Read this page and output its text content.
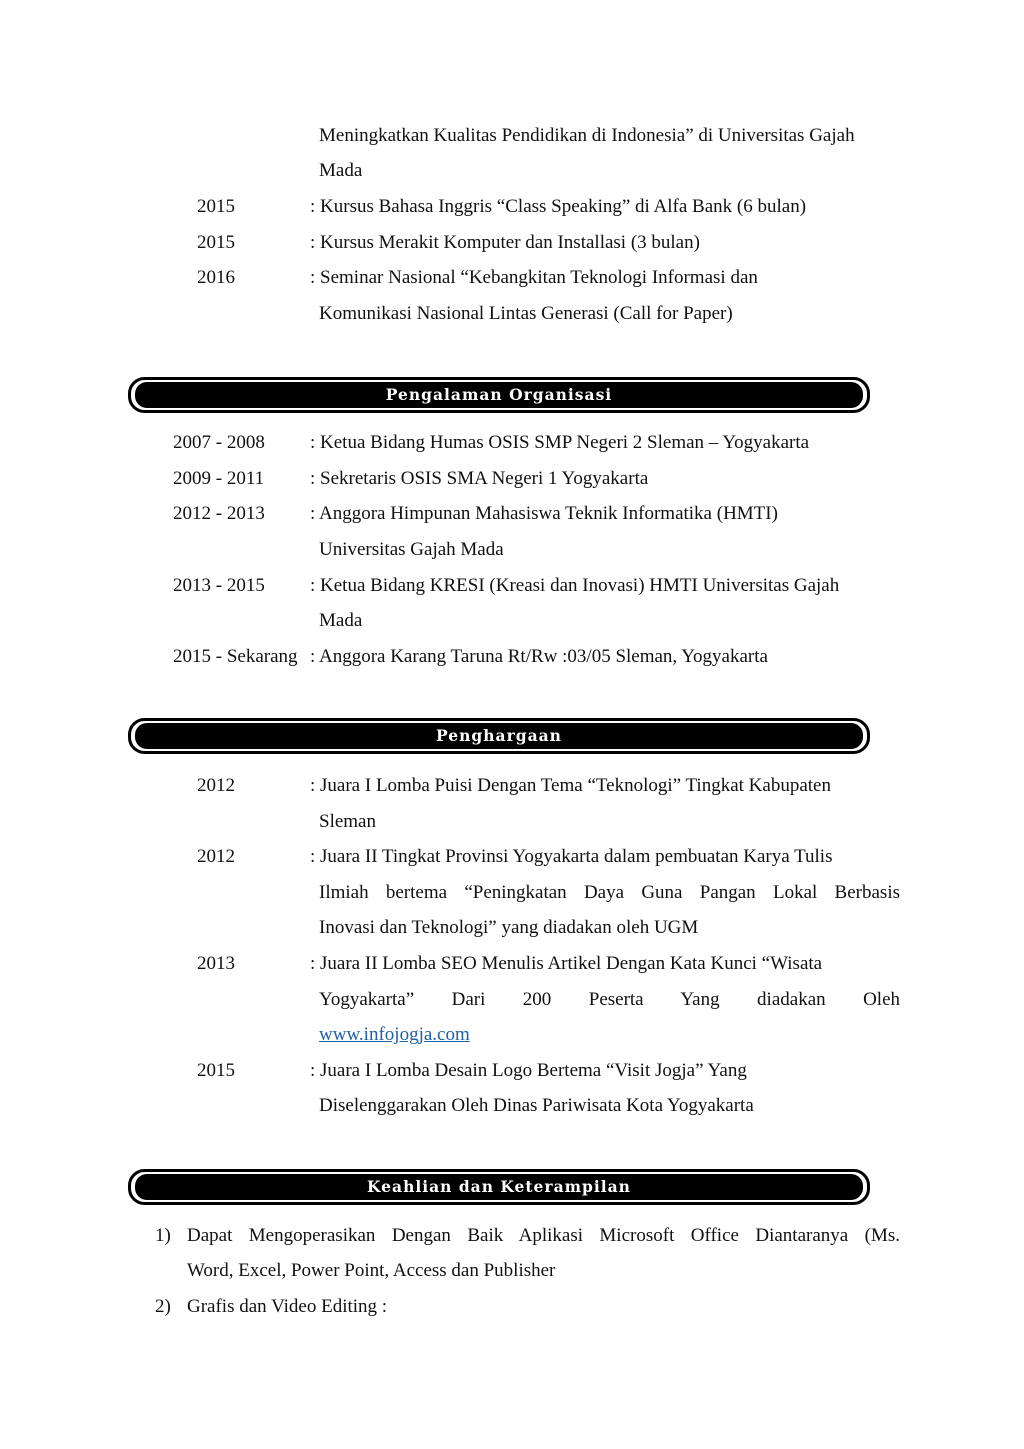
Meningkatkan Kualitas Pendidikan di Indonesia” di Universitas Gajah
Mada
2015	: Kursus Bahasa Inggris “Class Speaking” di Alfa Bank (6 bulan)
2015	: Kursus Merakit Komputer dan Installasi (3 bulan)
2016	: Seminar Nasional “Kebangkitan Teknologi Informasi dan
Komunikasi Nasional Lintas Generasi (Call for Paper)
Pengalaman Organisasi
2007 - 2008 : Ketua Bidang Humas OSIS SMP Negeri 2 Sleman – Yogyakarta
2009 - 2011 : Sekretaris OSIS SMA Negeri 1 Yogyakarta
2012 - 2013 : Anggora Himpunan Mahasiswa Teknik Informatika (HMTI)
Universitas Gajah Mada
2013 - 2015 : Ketua Bidang KRESI (Kreasi dan Inovasi) HMTI Universitas Gajah
Mada
2015 - Sekarang : Anggora Karang Taruna Rt/Rw :03/05 Sleman, Yogyakarta
Penghargaan
2012	: Juara I Lomba Puisi Dengan Tema “Teknologi” Tingkat Kabupaten
Sleman
2012	: Juara II Tingkat Provinsi Yogyakarta dalam pembuatan Karya Tulis
Ilmiah bertema “Peningkatan Daya Guna Pangan Lokal Berbasis
Inovasi dan Teknologi” yang diadakan oleh UGM
2013	: Juara II Lomba SEO Menulis Artikel Dengan Kata Kunci “Wisata
Yogyakarta” Dari 200 Peserta Yang diadakan Oleh
www.infojogja.com
2015	: Juara I Lomba Desain Logo Bertema “Visit Jogja” Yang
Diselenggarakan Oleh Dinas Pariwisata Kota Yogyakarta
Keahlian dan Keterampilan
1) Dapat Mengoperasikan Dengan Baik Aplikasi Microsoft Office Diantaranya (Ms.
Word, Excel, Power Point, Access dan Publisher
2) Grafis dan Video Editing :
